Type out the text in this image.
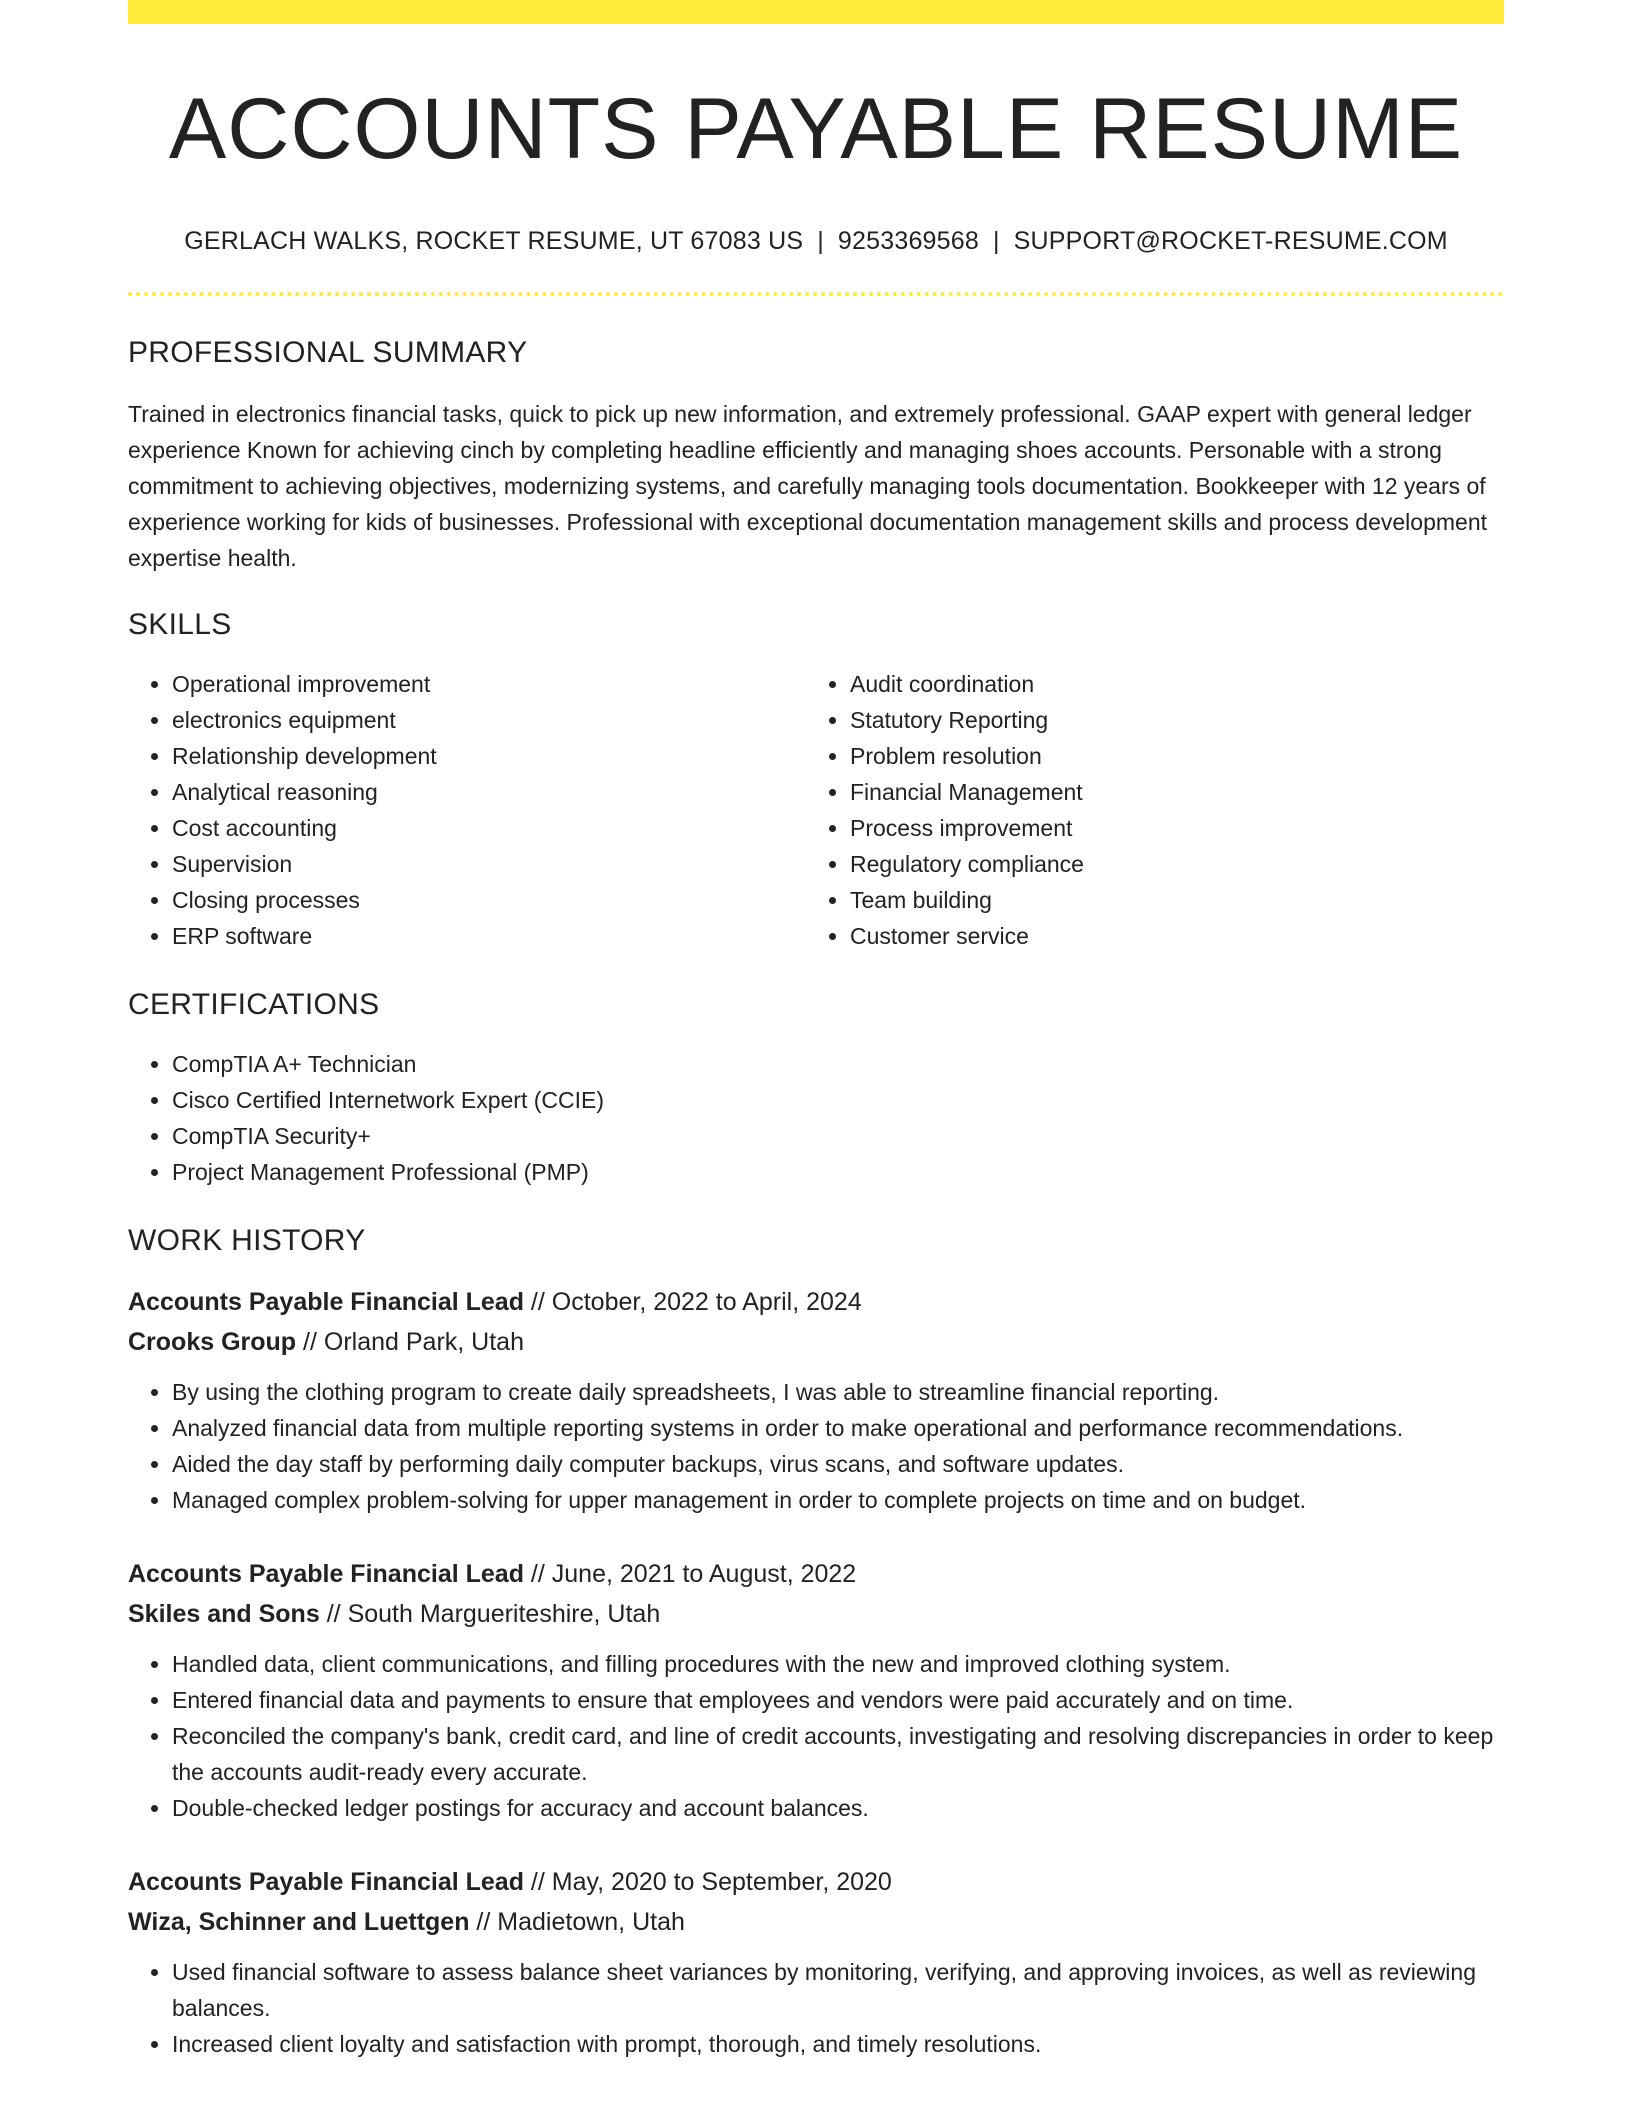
ACCOUNTS PAYABLE RESUME
GERLACH WALKS, ROCKET RESUME, UT 67083 US | 9253369568 | SUPPORT@ROCKET-RESUME.COM
PROFESSIONAL SUMMARY

Trained in electronics financial tasks, quick to pick up new information, and extremely professional. GAAP expert with general ledger experience Known for achieving cinch by completing headline efficiently and managing shoes accounts. Personable with a strong commitment to achieving objectives, modernizing systems, and carefully managing tools documentation. Bookkeeper with 12 years of experience working for kids of businesses. Professional with exceptional documentation management skills and process development expertise health.

SKILLS
• Operational improvement
• electronics equipment
• Relationship development
• Analytical reasoning
• Cost accounting
• Supervision
• Closing processes
• ERP software
• Audit coordination
• Statutory Reporting
• Problem resolution
• Financial Management
• Process improvement
• Regulatory compliance
• Team building
• Customer service
CERTIFICATIONS
• CompTIA A+ Technician
• Cisco Certified Internetwork Expert (CCIE)
• CompTIA Security+
• Project Management Professional (PMP)
WORK HISTORY
Accounts Payable Financial Lead // October, 2022 to April, 2024
Crooks Group // Orland Park, Utah
• By using the clothing program to create daily spreadsheets, I was able to streamline financial reporting.
• Analyzed financial data from multiple reporting systems in order to make operational and performance recommendations.
• Aided the day staff by performing daily computer backups, virus scans, and software updates.
• Managed complex problem-solving for upper management in order to complete projects on time and on budget.
Accounts Payable Financial Lead // June, 2021 to August, 2022
Skiles and Sons // South Margueriteshire, Utah
• Handled data, client communications, and filling procedures with the new and improved clothing system.
• Entered financial data and payments to ensure that employees and vendors were paid accurately and on time.
• Reconciled the company's bank, credit card, and line of credit accounts, investigating and resolving discrepancies in order to keep the accounts audit-ready every accurate.
• Double-checked ledger postings for accuracy and account balances.
Accounts Payable Financial Lead // May, 2020 to September, 2020
Wiza, Schinner and Luettgen // Madietown, Utah
• Used financial software to assess balance sheet variances by monitoring, verifying, and approving invoices, as well as reviewing balances.
• Increased client loyalty and satisfaction with prompt, thorough, and timely resolutions.
